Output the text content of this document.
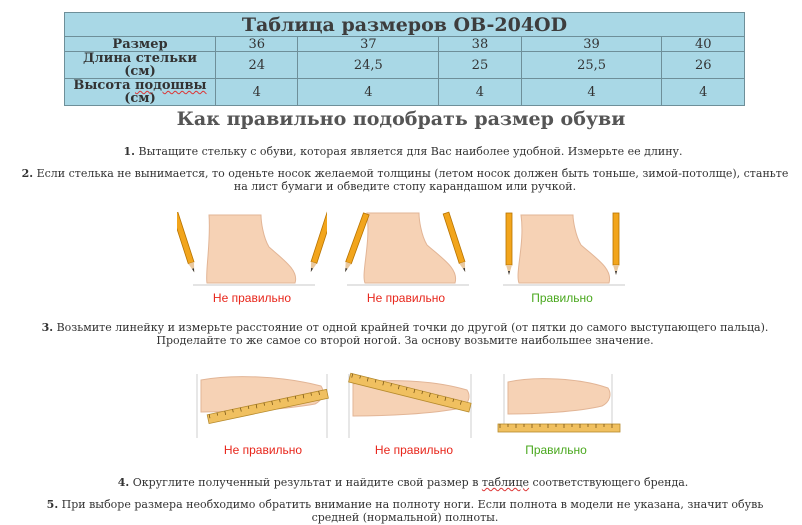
Таблица размеров OB-204OD					
Размер	36	37	38	39	40
Длина стельки (см)	24	24,5	25	25,5	26
Высота подошвы (см)	4	4	4	4	4
Как правильно подобрать размер обуви
1. Вытащите стельку с обуви, которая является для Вас наиболее удобной. Измерьте ее длину.
2. Если стелька не вынимается, то оденьте носок желаемой толщины (летом носок должен быть тоньше, зимой-потолще), станьте на лист бумаги и обведите стопу карандашом или ручкой.
Не правильно	Не правильно	Правильно
3. Возьмите линейку и измерьте расстояние от одной крайней точки до другой (от пятки до самого выступающего пальца). Проделайте то же самое со второй ногой. За основу возьмите наибольшее значение.
Не правильно	Не правильно	Правильно
4. Округлите полученный результат и найдите свой размер в таблице соответствующего бренда.
5. При выборе размера необходимо обратить внимание на полноту ноги. Если полнота в модели не указана, значит обувь средней (нормальной) полноты.
